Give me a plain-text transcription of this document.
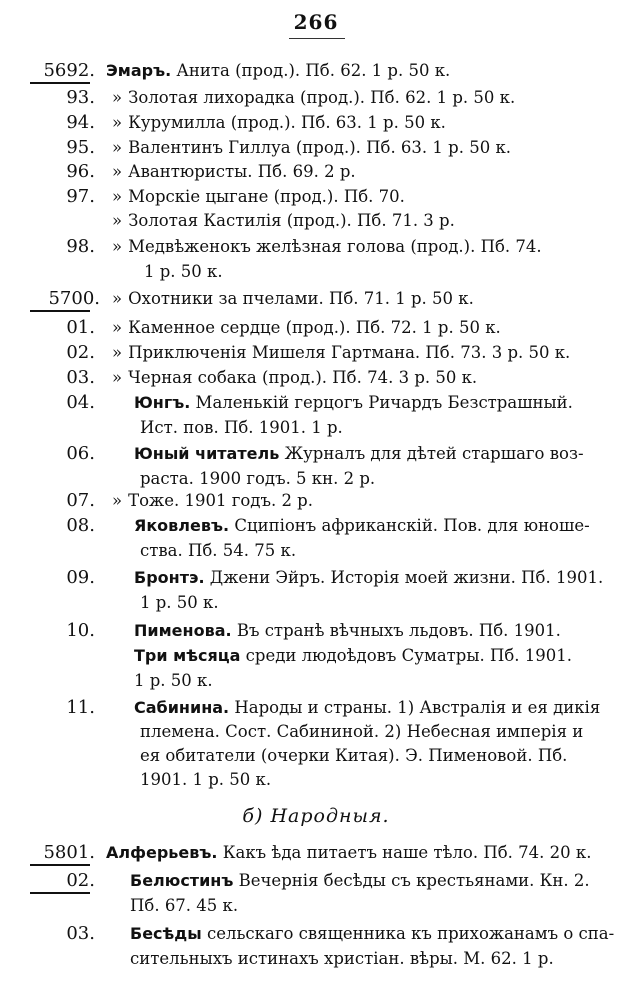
266
5692. Эмаръ. Анита (прод.). Пб. 62. 1 р. 50 к.
93. » Золотая лихорадка (прод.). Пб. 62. 1 р. 50 к.
94. » Курумилла (прод.). Пб. 63. 1 р. 50 к.
95. » Валентинъ Гиллуа (прод.). Пб. 63. 1 р. 50 к.
96. » Авантюристы. Пб. 69. 2 р.
97. » Морскіе цыгане (прод.). Пб. 70.
» Золотая Кастилія (прод.). Пб. 71. 3 р.
98. » Медвѣженокъ желѣзная голова (прод.). Пб. 74.
1 р. 50 к.
5700. » Охотники за пчелами. Пб. 71. 1 р. 50 к.
01. » Каменное сердце (прод.). Пб. 72. 1 р. 50 к.
02. » Приключенія Мишеля Гартмана. Пб. 73. 3 р. 50 к.
03. » Черная собака (прод.). Пб. 74. 3 р. 50 к.
04. Юнгъ. Маленькій герцогъ Ричардъ Безстрашный.
Ист. пов. Пб. 1901. 1 р.
06. Юный читатель Журналъ для дѣтей старшаго воз-
раста. 1900 годъ. 5 кн. 2 р.
07. » Тоже. 1901 годъ. 2 р.
08. Яковлевъ. Сципіонъ африканскій. Пов. для юноше-
ства. Пб. 54. 75 к.
09. Бронтэ. Джени Эйръ. Исторія моей жизни. Пб. 1901.
1 р. 50 к.
10. Пименова. Въ странѣ вѣчныхъ льдовъ. Пб. 1901.
Три мѣсяца среди людоѣдовъ Суматры. Пб. 1901.
1 р. 50 к.
11. Сабинина. Народы и страны. 1) Австралія и ея дикія
племена. Сост. Сабининой. 2) Небесная имперія и
ея обитатели (очерки Китая). Э. Пименовой. Пб.
1901. 1 р. 50 к.
б) Народныя.
5801. Алферьевъ. Какъ ѣда питаетъ наше тѣло. Пб. 74. 20 к.
02. Белюстинъ Вечернія бесѣды съ крестьянами. Кн. 2.
Пб. 67. 45 к.
03. Бесѣды сельскаго священника къ прихожанамъ о спа-
сительныхъ истинахъ христіан. вѣры. М. 62. 1 р.
